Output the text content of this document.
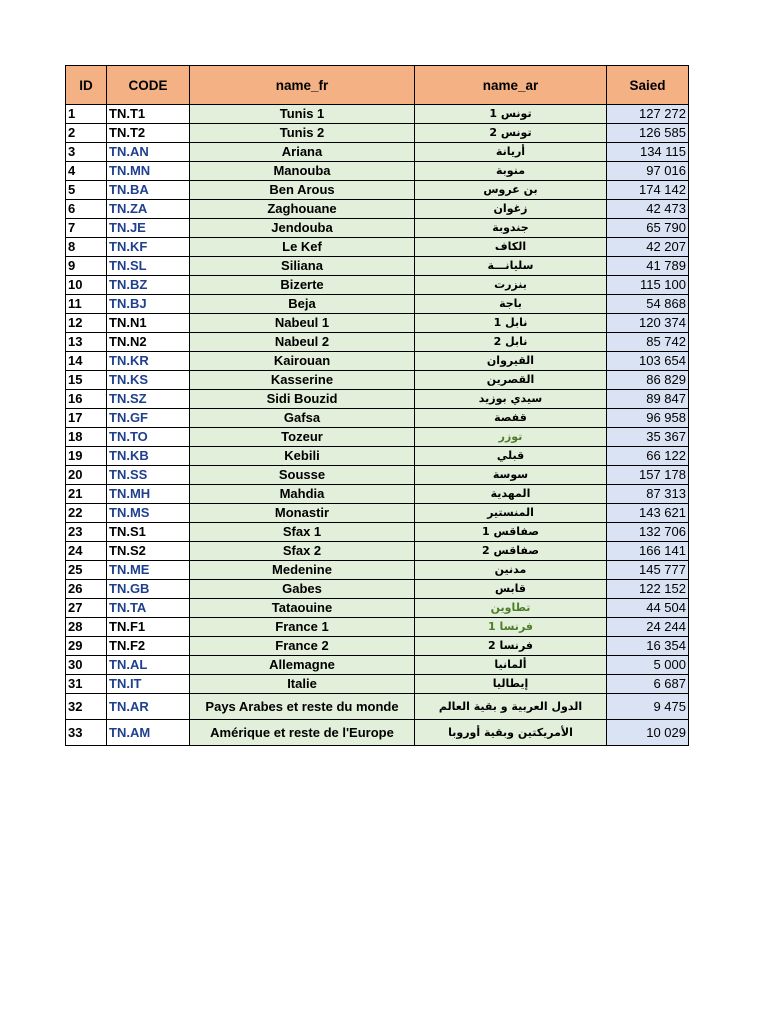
ID	CODE	name_fr	name_ar	Saied
1	TN.T1	Tunis 1	تونس 1	127 272
2	TN.T2	Tunis 2	تونس 2	126 585
3	TN.AN	Ariana	أريانة	134 115
4	TN.MN	Manouba	منوبة	97 016
5	TN.BA	Ben Arous	بن عروس	174 142
6	TN.ZA	Zaghouane	زغوان	42 473
7	TN.JE	Jendouba	جندوبة	65 790
8	TN.KF	Le Kef	الكاف	42 207
9	TN.SL	Siliana	سليانـــة	41 789
10	TN.BZ	Bizerte	بنزرت	115 100
11	TN.BJ	Beja	باجة	54 868
12	TN.N1	Nabeul 1	نابل 1	120 374
13	TN.N2	Nabeul 2	نابل 2	85 742
14	TN.KR	Kairouan	القيروان	103 654
15	TN.KS	Kasserine	القصرين	86 829
16	TN.SZ	Sidi Bouzid	سيدي بوزيد	89 847
17	TN.GF	Gafsa	قفصة	96 958
18	TN.TO	Tozeur	توزر	35 367
19	TN.KB	Kebili	قبلي	66 122
20	TN.SS	Sousse	سوسة	157 178
21	TN.MH	Mahdia	المهدية	87 313
22	TN.MS	Monastir	المنستير	143 621
23	TN.S1	Sfax 1	صفاقس 1	132 706
24	TN.S2	Sfax 2	صفاقس 2	166 141
25	TN.ME	Medenine	مدنين	145 777
26	TN.GB	Gabes	قابس	122 152
27	TN.TA	Tataouine	تطاوين	44 504
28	TN.F1	France 1	فرنسا 1	24 244
29	TN.F2	France 2	فرنسا 2	16 354
30	TN.AL	Allemagne	ألمانيا	5 000
31	TN.IT	Italie	إيطاليا	6 687
32	TN.AR	Pays Arabes et reste du monde	الدول العربية و بقية العالم	9 475
33	TN.AM	Amérique et reste de l'Europe	الأمريكتين وبقية أوروبا	10 029
